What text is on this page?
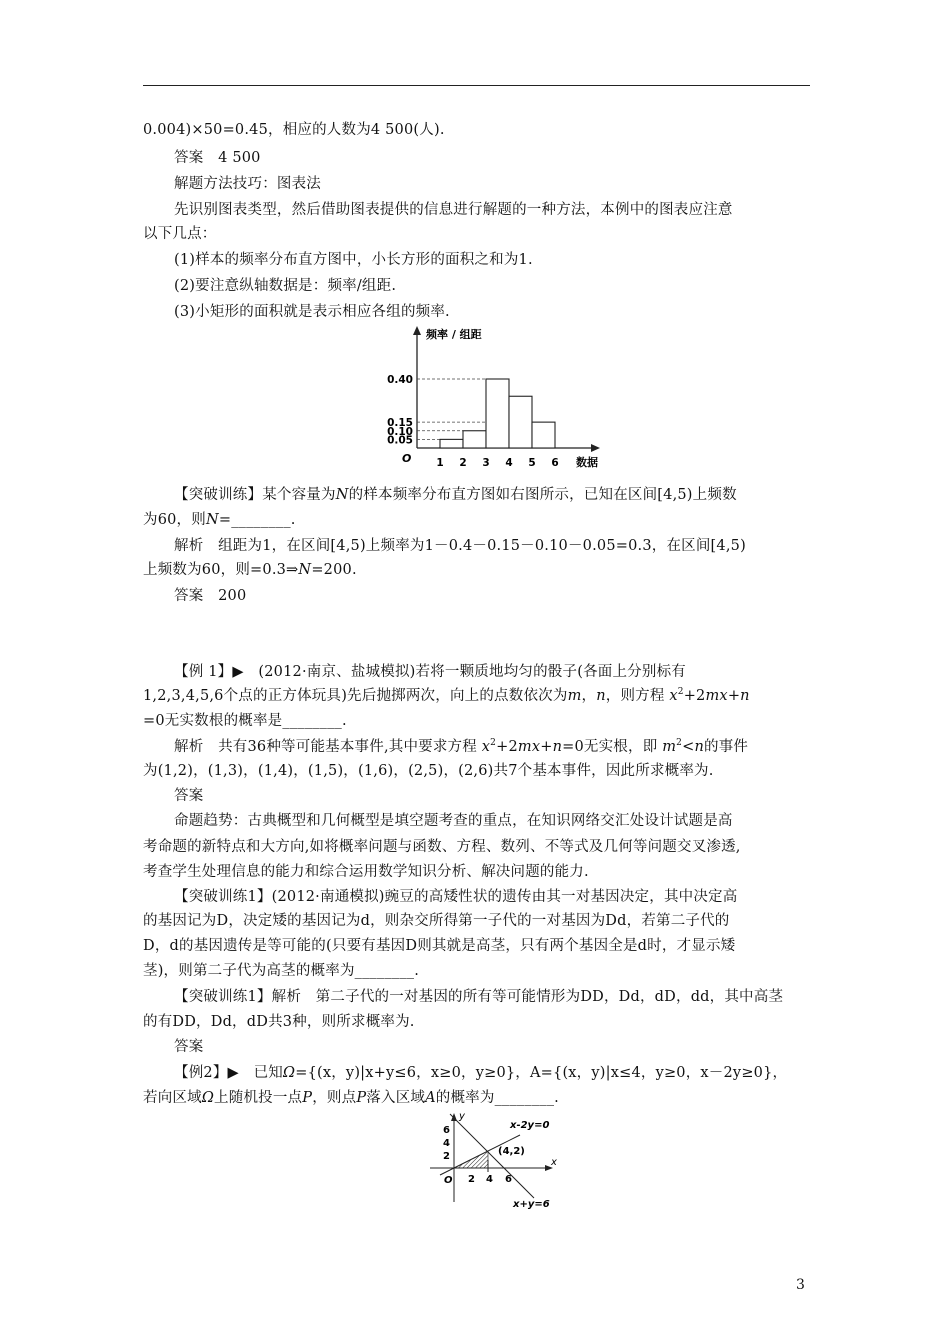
0.004)×50=0.45，相应的人数为4 500(人).
答案　4 500
解题方法技巧：图表法
先识别图表类型，然后借助图表提供的信息进行解题的一种方法，本例中的图表应注意
以下几点：
(1)样本的频率分布直方图中，小长方形的面积之和为1.
(2)要注意纵轴数据是：频率/组距.
(3)小矩形的面积就是表示相应各组的频率.
频率 / 组距
数据
O
0.05
0.10
0.15
0.40
1 2 3 4 5 6
【突破训练】某个容量为N的样本频率分布直方图如右图所示，已知在区间[4,5)上频数
为60，则N=________.
解析　组距为1，在区间[4,5)上频率为1－0.4－0.15－0.10－0.05=0.3，在区间[4,5)
上频数为60，则=0.3⇒N=200.
答案　200
【例 1】▶　(2012·南京、盐城模拟)若将一颗质地均匀的骰子(各面上分别标有
1,2,3,4,5,6个点的正方体玩具)先后抛掷两次，向上的点数依次为m，n，则方程 $x^2+2mx+n$
=0无实数根的概率是________.
解析　共有36种等可能基本事件,其中要求方程 $x^2+2mx+n=0$无实根，即 $m^2<n$的事件
为(1,2)，(1,3)，(1,4)，(1,5)，(1,6)，(2,5)，(2,6)共7个基本事件，因此所求概率为.
答案
命题趋势：古典概型和几何概型是填空题考查的重点，在知识网络交汇处设计试题是高
考命题的新特点和大方向,如将概率问题与函数、方程、数列、不等式及几何等问题交叉渗透,
考查学生处理信息的能力和综合运用数学知识分析、解决问题的能力.
【突破训练1】(2012·南通模拟)豌豆的高矮性状的遗传由其一对基因决定，其中决定高
的基因记为D，决定矮的基因记为d，则杂交所得第一子代的一对基因为Dd，若第二子代的
D，d的基因遗传是等可能的(只要有基因D则其就是高茎，只有两个基因全是d时，才显示矮
茎)，则第二子代为高茎的概率为________.
【突破训练1】解析　第二子代的一对基因的所有等可能情形为DD，Dd，dD，dd，其中高茎
的有DD，Dd，dD共3种，则所求概率为.
答案
【例2】▶　已知Ω={(x，y)|x+y≤6，x≥0，y≥0}，A={(x，y)|x≤4，y≥0，x－2y≥0}，
若向区域Ω上随机投一点P，则点P落入区域A的概率为________.
x-2y=0
x+y=6
(4,2)
O
x
y
2 4 6
6
4
2
3
